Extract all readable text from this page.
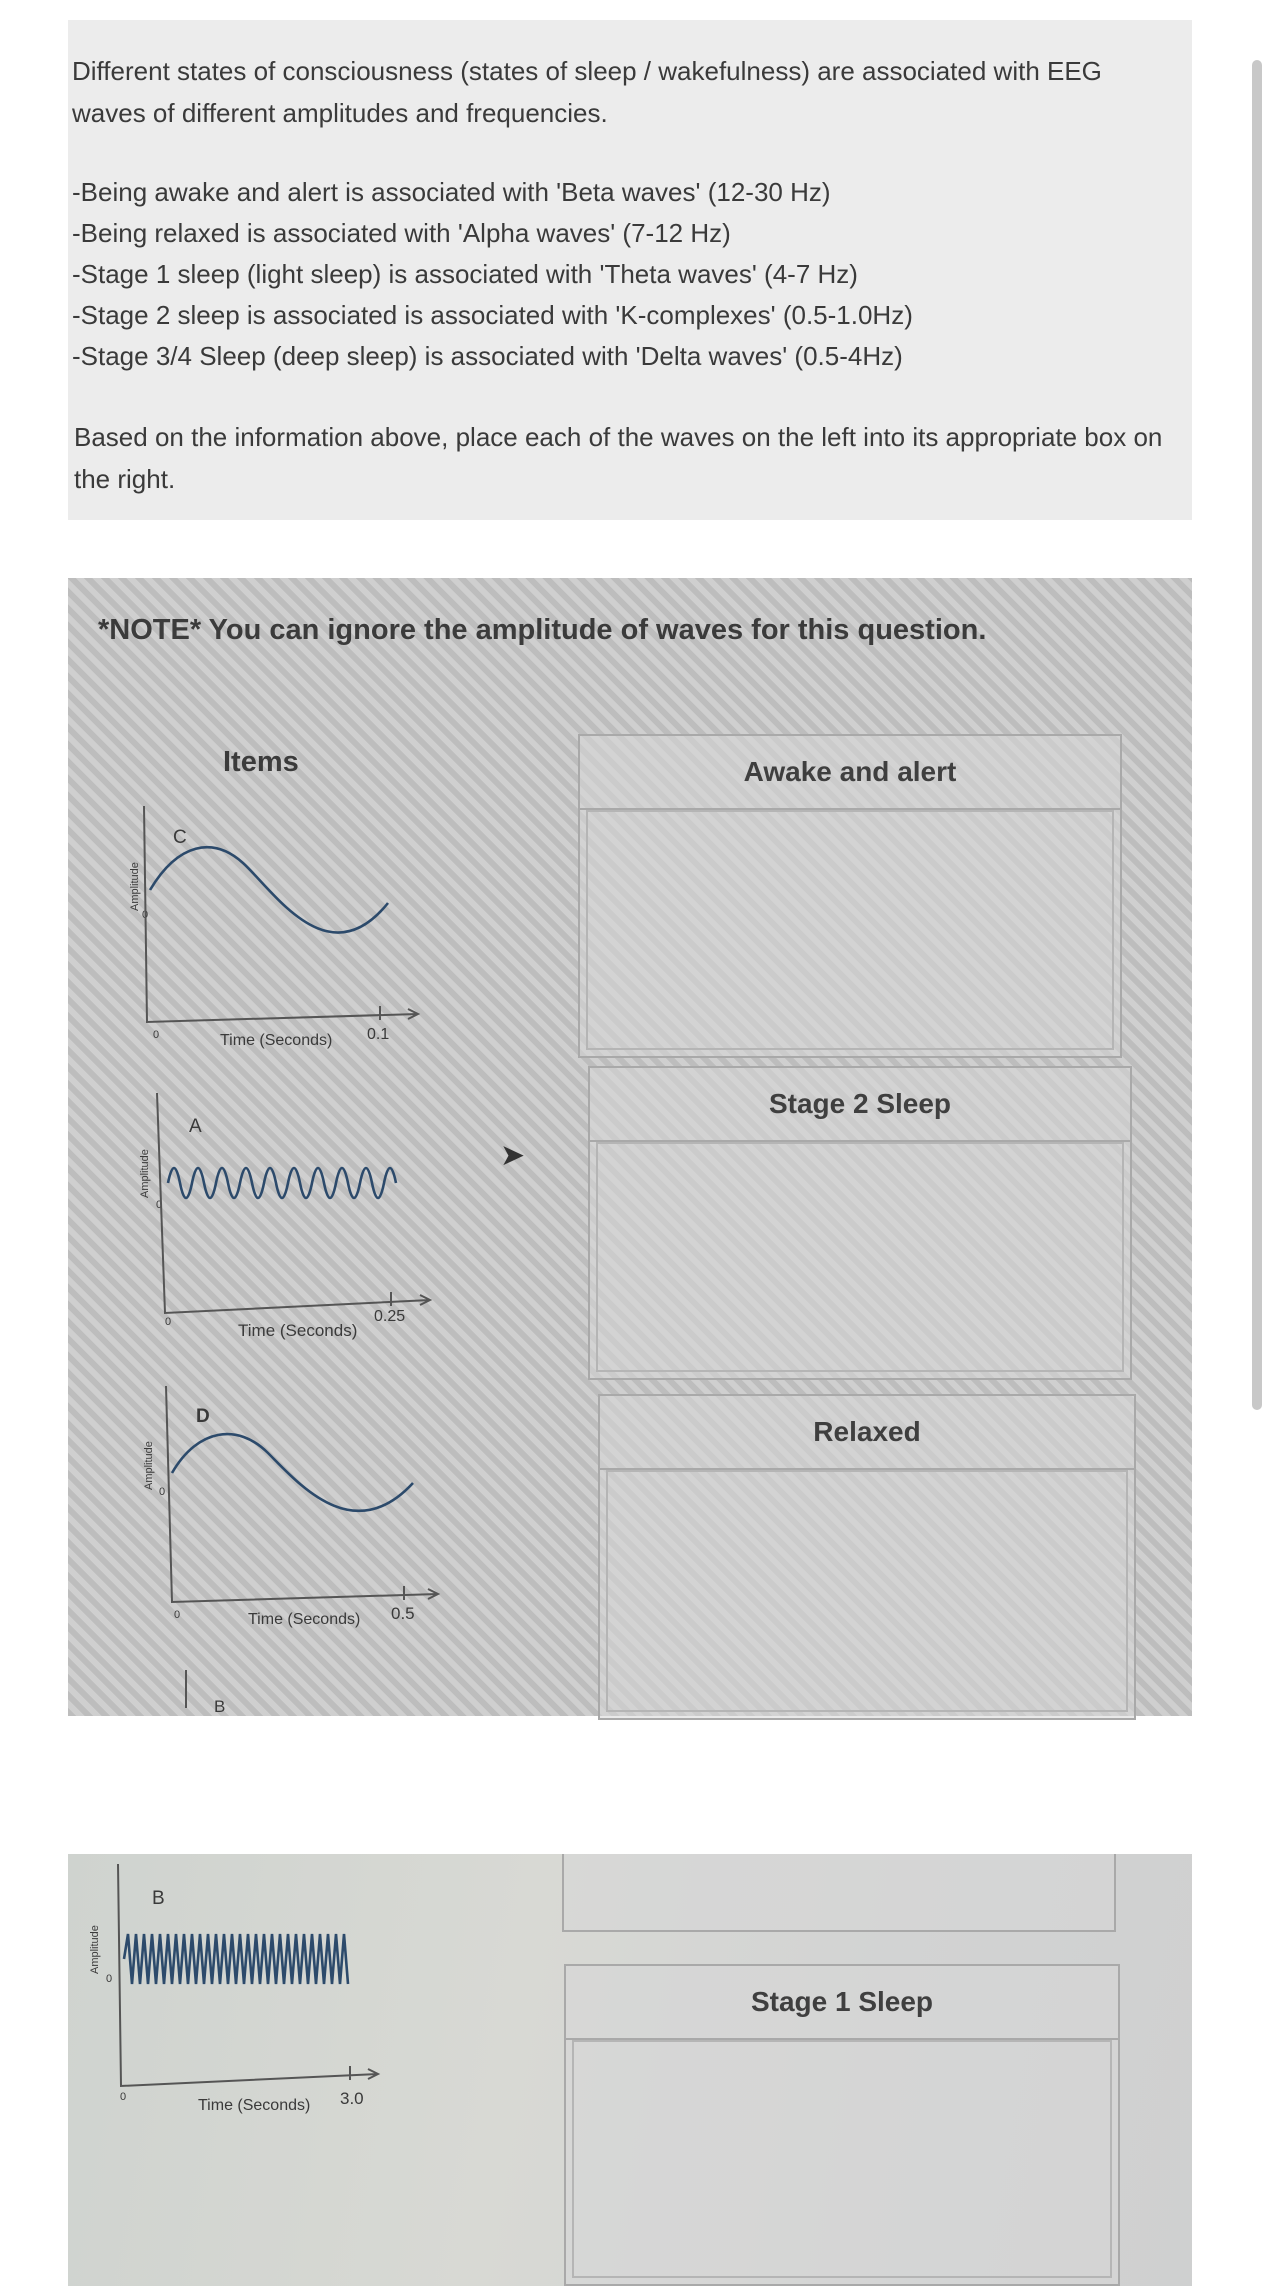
Different states of consciousness (states of sleep / wakefulness) are associated with EEG waves of different amplitudes and frequencies.

-Being awake and alert is associated with 'Beta waves' (12-30 Hz)
-Being relaxed is associated with 'Alpha waves' (7-12 Hz)
-Stage 1 sleep (light sleep) is associated with 'Theta waves' (4-7 Hz)
-Stage 2 sleep is associated is associated with 'K-complexes' (0.5-1.0Hz)
-Stage 3/4 Sleep (deep sleep) is associated with 'Delta waves' (0.5-4Hz)

Based on the information above, place each of the waves on the left into its appropriate box on the right.

*NOTE* You can ignore the amplitude of waves for this question.
Items
C
Amplitude
0
0	Time (Seconds) 0.1
A
Amplitude
0
0	Time (Seconds)
0.25
D
Amplitude
0
0	Time (Seconds) 0.5
B
Awake and alert
Stage 2 Sleep
Relaxed
➤
B
Amplitude
0
0	Time (Seconds) 3.0
Stage 1 Sleep
